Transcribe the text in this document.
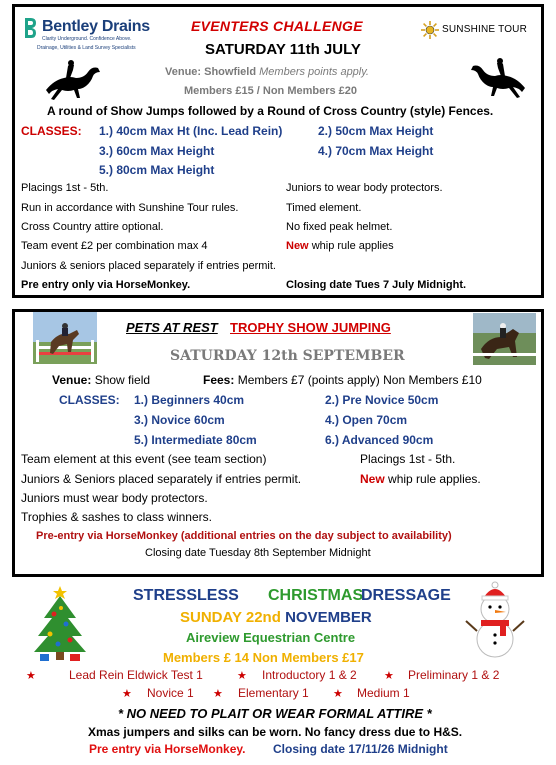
Bentley Drains
Clarity Underground. Confidence Above.
Drainage, Utilities & Land Survey Specialists
EVENTERS CHALLENGE	SUNSHINE TOUR
SATURDAY 11th JULY
Venue: Showfield Members points apply.
Members £15 / Non Members £20
A round of Show Jumps followed by a Round of Cross Country (style) Fences.
CLASSES: 1.) 40cm Max Ht (Inc. Lead Rein)	2.) 50cm Max Height
3.) 60cm Max Height	4.) 70cm Max Height
5.) 80cm Max Height
Placings 1st - 5th.
Run in accordance with Sunshine Tour rules.
Cross Country attire optional.
Team event £2 per combination max 4
Juniors & seniors placed separately if entries permit.
Juniors to wear body protectors.
Timed element.
No fixed peak helmet.
New whip rule applies
Pre entry only via HorseMonkey.	Closing date Tues 7 July Midnight.
PETS AT REST TROPHY SHOW JUMPING
SATURDAY 12th SEPTEMBER
Venue: Show field	Fees: Members £7 (points apply) Non Members £10
CLASSES: 1.) Beginners 40cm	2.) Pre Novice 50cm
3.) Novice 60cm	4.) Open 70cm
5.) Intermediate 80cm	6.) Advanced 90cm
Team element at this event (see team section)
Juniors & Seniors placed separately if entries permit.
Juniors must wear body protectors.
Trophies & sashes to class winners.
Placings 1st - 5th.
New whip rule applies.
Pre-entry via HorseMonkey (additional entries on the day subject to availability)
Closing date Tuesday 8th September Midnight
STRESSLESS CHRISTMAS
DRESSAGE
SUNDAY 22nd NOVEMBER
Aireview Equestrian Centre
Members £ 14 Non Members £17
★	Lead Rein Eldwick Test 1	★ Introductory 1 & 2 ★ Preliminary 1 & 2
★ Novice 1 ★ Elementary 1 ★ Medium 1
* NO NEED TO PLAIT OR WEAR FORMAL ATTIRE *
Xmas jumpers and silks can be worn. No fancy dress due to H&S.
Pre entry via HorseMonkey. Closing date 17/11/26 Midnight
